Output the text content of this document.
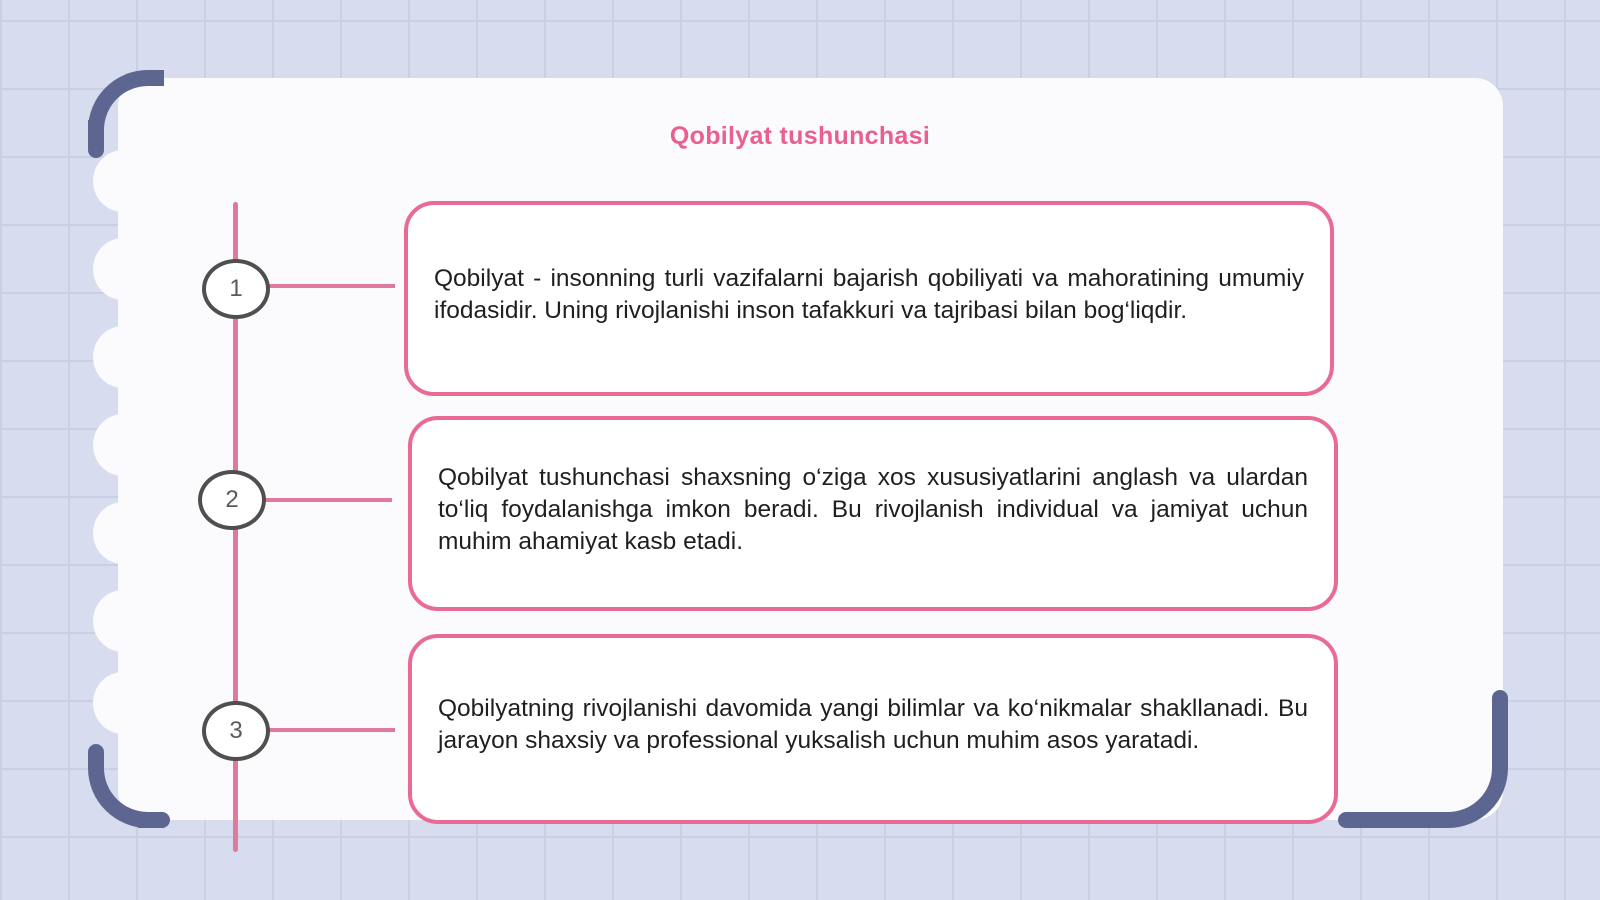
Qobilyat tushunchasi
1	Qobilyat - insonning turli vazifalarni bajarish qobiliyati va mahoratining umumiy ifodasidir. Uning rivojlanishi inson tafakkuri va tajribasi bilan bog‘liqdir.

2

Qobilyat tushunchasi shaxsning o‘ziga xos xususiyatlarini anglash va ulardan to‘liq foydalanishga imkon beradi. Bu rivojlanish individual va jamiyat uchun muhim ahamiyat kasb etadi.

3

Qobilyatning rivojlanishi davomida yangi bilimlar va ko‘nikmalar shakllanadi. Bu jarayon shaxsiy va professional yuksalish uchun muhim asos yaratadi.
